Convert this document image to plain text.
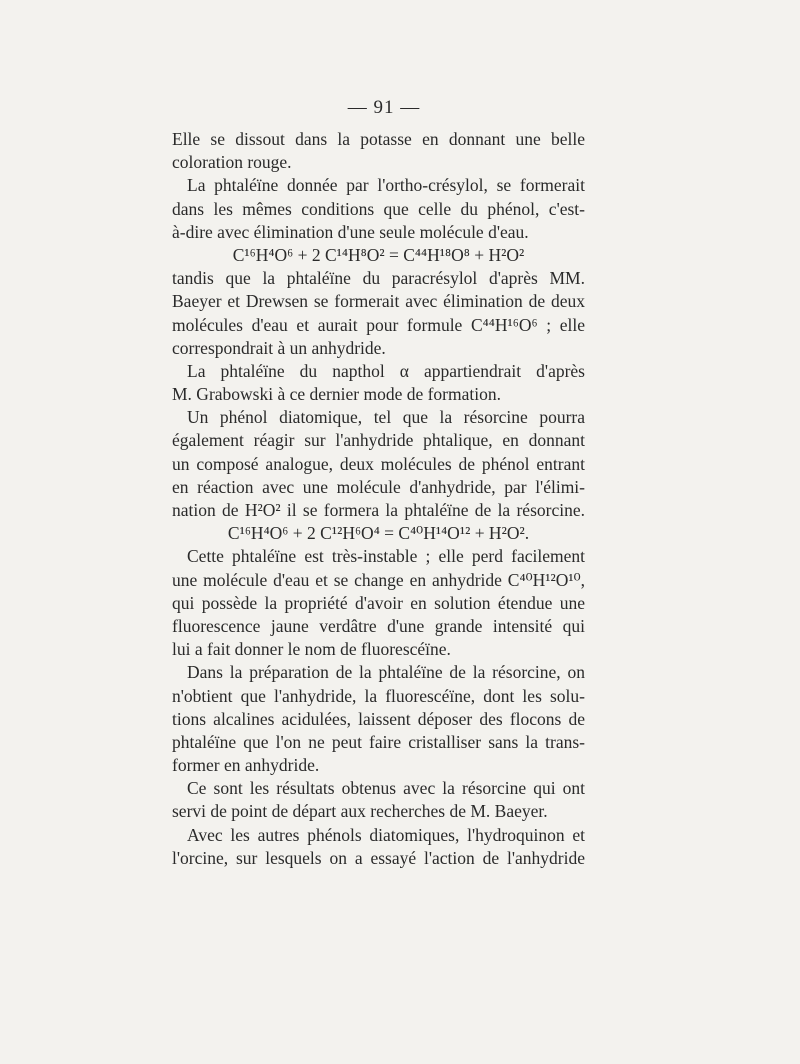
— 91 —
Elle se dissout dans la potasse en donnant une belle
coloration rouge.
La phtaléïne donnée par l'ortho-crésylol, se formerait
dans les mêmes conditions que celle du phénol, c'est-
à-dire avec élimination d'une seule molécule d'eau.
C¹⁶H⁴O⁶ + 2 C¹⁴H⁸O² = C⁴⁴H¹⁸O⁸ + H²O²
tandis que la phtaléïne du paracrésylol d'après MM.
Baeyer et Drewsen se formerait avec élimination de deux
molécules d'eau et aurait pour formule C⁴⁴H¹⁶O⁶ ; elle
correspondrait à un anhydride.
La phtaléïne du napthol α appartiendrait d'après
M. Grabowski à ce dernier mode de formation.
Un phénol diatomique, tel que la résorcine pourra
également réagir sur l'anhydride phtalique, en donnant
un composé analogue, deux molécules de phénol entrant
en réaction avec une molécule d'anhydride, par l'élimi-
nation de H²O² il se formera la phtaléïne de la résorcine.
C¹⁶H⁴O⁶ + 2 C¹²H⁶O⁴ = C⁴⁰H¹⁴O¹² + H²O².
Cette phtaléïne est très-instable ; elle perd facilement
une molécule d'eau et se change en anhydride C⁴⁰H¹²O¹⁰,
qui possède la propriété d'avoir en solution étendue une
fluorescence jaune verdâtre d'une grande intensité qui
lui a fait donner le nom de fluorescéïne.
Dans la préparation de la phtaléïne de la résorcine, on
n'obtient que l'anhydride, la fluorescéïne, dont les solu-
tions alcalines acidulées, laissent déposer des flocons de
phtaléïne que l'on ne peut faire cristalliser sans la trans-
former en anhydride.
Ce sont les résultats obtenus avec la résorcine qui ont
servi de point de départ aux recherches de M. Baeyer.
Avec les autres phénols diatomiques, l'hydroquinon et
l'orcine, sur lesquels on a essayé l'action de l'anhydride
